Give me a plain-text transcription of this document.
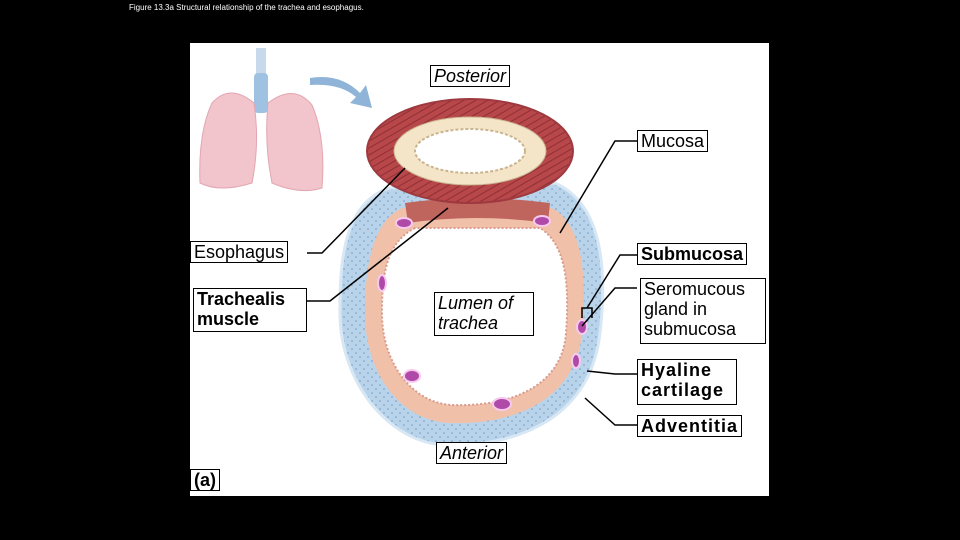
Figure 13.3a Structural relationship of the trachea and esophagus.
Posterior
Mucosa
Esophagus	Submucosa
Trachealis muscle
Lumen of trachea
Seromucous gland in submucosa
Hyaline cartilage
Adventitia
Anterior
(a)
